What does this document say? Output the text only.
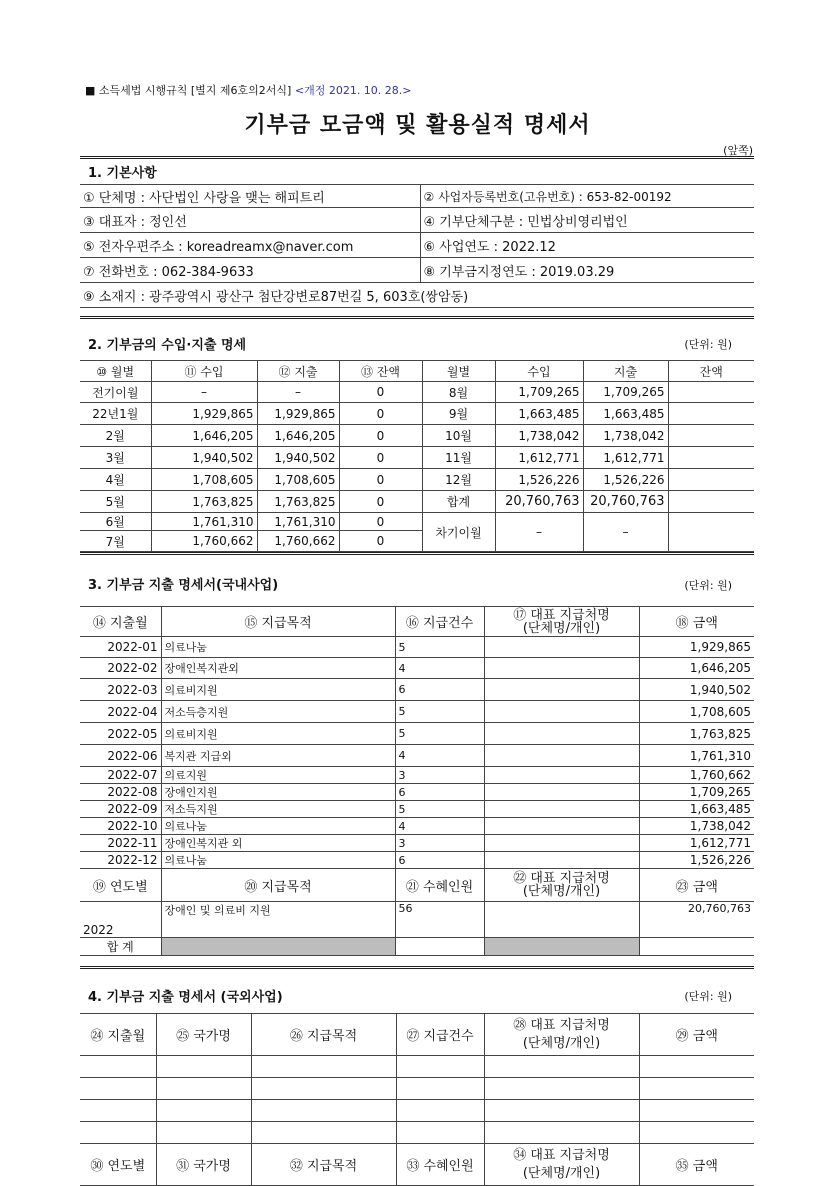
■ 소득세법 시행규칙 [별지 제6호의2서식] <개정 2021. 10. 28.>
기부금 모금액 및 활용실적 명세서
(앞쪽)
1. 기본사항
① 단체명 : 사단법인 사랑을 맺는 해피트리	② 사업자등록번호(고유번호) : 653-82-00192
③ 대표자 : 정인선	④ 기부단체구분 : 민법상비영리법인
⑤ 전자우편주소 : koreadreamx@naver.com	⑥ 사업연도 : 2022.12
⑦ 전화번호 : 062-384-9633	⑧ 기부금지정연도 : 2019.03.29
⑨ 소재지 : 광주광역시 광산구 첨단강변로87번길 5, 603호(쌍암동)	
2. 기부금의 수입·지출 명세	(단위: 원)
⑩ 월별	⑪ 수입	⑫ 지출	⑬ 잔액	월별	수입	지출	잔액
전기이월	–	–	0	8월	1,709,265	1,709,265	
22년1월	1,929,865	1,929,865	0	9월	1,663,485	1,663,485	
2월	1,646,205	1,646,205	0	10월	1,738,042	1,738,042	
3월	1,940,502	1,940,502	0	11월	1,612,771	1,612,771	
4월	1,708,605	1,708,605	0	12월	1,526,226	1,526,226	
5월	1,763,825	1,763,825	0	합계	20,760,763	20,760,763	
6월	1,761,310	1,761,310	0	차기이월	–	–	
7월	1,760,662	1,760,662	0				
3. 기부금 지출 명세서(국내사업)	(단위: 원)
⑭ 지출월	⑮ 지급목적	⑯ 지급건수	⑰ 대표 지급처명
(단체명/개인)	⑱ 금액
2022-01	의료나눔	5		1,929,865
2022-02	장애인복지관외	4		1,646,205
2022-03	의료비지원	6		1,940,502
2022-04	저소득층지원	5		1,708,605
2022-05	의료비지원	5		1,763,825
2022-06	복지관 지급외	4		1,761,310
2022-07	의료지원	3		1,760,662
2022-08	장애인지원	6		1,709,265
2022-09	저소득지원	5		1,663,485
2022-10	의료나눔	4		1,738,042
2022-11	장애인복지관 외	3		1,612,771
2022-12	의료나눔	6		1,526,226
⑲ 연도별	⑳ 지급목적	㉑ 수혜인원	㉒ 대표 지급처명
(단체명/개인)	㉓ 금액
2022	장애인 및 의료비 지원	56		20,760,763
합 계				
4. 기부금 지출 명세서 (국외사업)	(단위: 원)
㉔ 지출월	㉕ 국가명	㉖ 지급목적	㉗ 지급건수	㉘ 대표 지급처명
(단체명/개인)	㉙ 금액

㉚ 연도별	㉛ 국가명	㉜ 지급목적	㉝ 수혜인원	㉞ 대표 지급처명
(단체명/개인)	㉟ 금액
